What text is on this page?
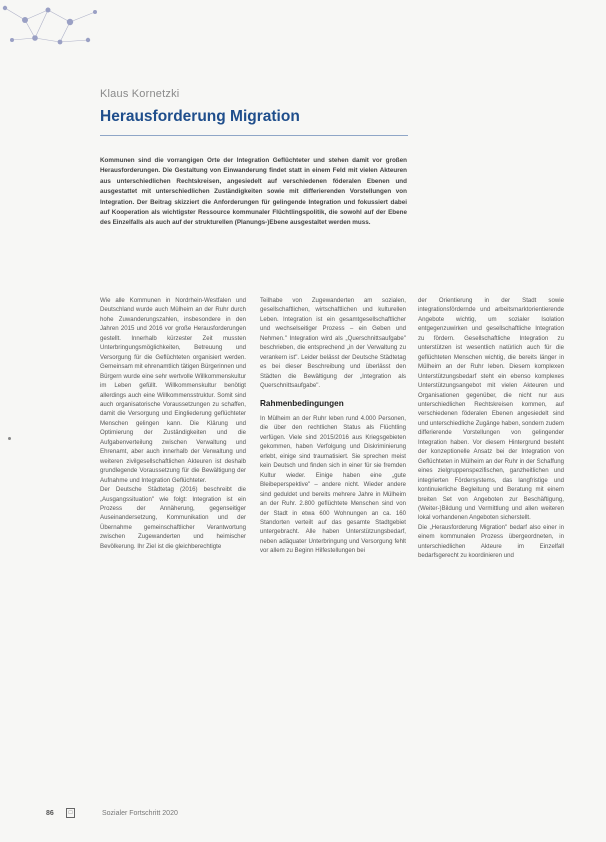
Klaus Kornetzki
Herausforderung Migration

Kommunen sind die vorrangigen Orte der Integration Geflüchteter und stehen damit vor großen Herausforderungen. Die Gestaltung von Einwanderung findet statt in einem Feld mit vielen Akteuren aus unterschiedlichen Rechtskreisen, angesiedelt auf verschiedenen föderalen Ebenen und ausgestattet mit unterschiedlichen Zuständigkeiten sowie mit differierenden Vorstellungen von Integration. Der Beitrag skizziert die Anforderungen für gelingende Integration und fokussiert dabei auf Kooperation als wichtigster Ressource kommunaler Flüchtlingspolitik, die sowohl auf der Ebene des Einzelfalls als auch auf der strukturellen (Planungs-)Ebene ausgestaltet werden muss.

Wie alle Kommunen in Nordrhein-Westfalen und Deutschland wurde auch Mülheim an der Ruhr durch hohe Zuwanderungszahlen, insbesondere in den Jahren 2015 und 2016 vor große Herausforderungen gestellt. Innerhalb kürzester Zeit mussten Unterbringungsmöglichkeiten, Betreuung und Versorgung für die Geflüchteten organisiert werden. Gemeinsam mit ehrenamtlich tätigen Bürgerinnen und Bürgern wurde eine sehr wertvolle Willkommenskultur im Leben gefüllt. Willkommenskultur benötigt allerdings auch eine Willkommensstruktur. Somit sind auch organisatorische Voraussetzungen zu schaffen, damit die Versorgung und Eingliederung geflüchteter Menschen gelingen kann. Die Klärung und Optimierung der Zuständigkeiten und die Aufgabenverteilung zwischen Verwaltung und Ehrenamt, aber auch innerhalb der Verwaltung und weiteren zivilgesellschaftlichen Akteuren ist deshalb grundlegende Voraussetzung für die Bewältigung der Aufnahme und Integration Geflüchteter.

Der Deutsche Städtetag (2016) beschreibt die „Ausgangssituation" wie folgt: Integration ist ein Prozess der Annäherung, gegenseitiger Auseinandersetzung, Kommunikation und der Übernahme gemeinschaftlicher Verantwortung zwischen Zugewanderten und heimischer Bevölkerung. Ihr Ziel ist die gleichberechtigte

Teilhabe von Zugewanderten am sozialen, gesellschaftlichen, wirtschaftlichen und kulturellen Leben. Integration ist ein gesamtgesellschaftlicher und wechselseitiger Prozess – ein Geben und Nehmen." Integration wird als „Querschnittsaufgabe" beschrieben, die entsprechend „in der Verwaltung zu verankern ist". Leider belässt der Deutsche Städtetag es bei dieser Beschreibung und überlässt den Städten die Bewältigung der „Integration als Querschnittsaufgabe".

Rahmenbedingungen

In Mülheim an der Ruhr leben rund 4.000 Personen, die über den rechtlichen Status als Flüchtling verfügen. Viele sind 2015/2016 aus Kriegsgebieten gekommen, haben Verfolgung und Diskriminierung erlebt, einige sind traumatisiert. Sie sprechen meist kein Deutsch und finden sich in einer für sie fremden Kultur wieder. Einige haben eine „gute Bleibeperspektive" – andere nicht. Wieder andere sind geduldet und bereits mehrere Jahre in Mülheim an der Ruhr. 2.800 geflüchtete Menschen sind von der Stadt in etwa 600 Wohnungen an ca. 160 Standorten verteilt auf das gesamte Stadtgebiet untergebracht. Alle haben Unterstützungsbedarf, neben adäquater Unterbringung und Versorgung fehlt vor allem zu Beginn Hilfestellungen bei

der Orientierung in der Stadt sowie integrationsfördernde und arbeitsmarktorientierende Angebote wichtig, um sozialer Isolation entgegenzuwirken und gesellschaftliche Integration zu fördern. Gesellschaftliche Integration zu unterstützen ist wesentlich natürlich auch für die geflüchteten Menschen wichtig, die bereits länger in Mülheim an der Ruhr leben. Diesem komplexen Unterstützungsbedarf steht ein ebenso komplexes Unterstützungsangebot mit vielen Akteuren und Organisationen gegenüber, die nicht nur aus unterschiedlichen Rechtskreisen kommen, auf verschiedenen föderalen Ebenen angesiedelt sind und unterschiedliche Zugänge haben, sondern zudem differierende Vorstellungen von gelingender Integration haben. Vor diesem Hintergrund besteht der konzeptionelle Ansatz bei der Integration von Geflüchteten in Mülheim an der Ruhr in der Schaffung eines zielgruppenspezifischen, ganzheitlichen und integrierten Fördersystems, das langfristige und kontinuierliche Begleitung und Beratung mit einem breiten Set von Angeboten zur Beschäftigung, (Weiter-)Bildung und Vermittlung und allen weiteren lokal vorhandenen Angeboten sicherstellt.

Die „Herausforderung Migration" bedarf also einer in einem kommunalen Prozess übergeordneten, in unterschiedlichen Akteure im Einzelfall bedarfsgerecht zu koordinieren und

86	□	Sozialer Fortschritt 2020
